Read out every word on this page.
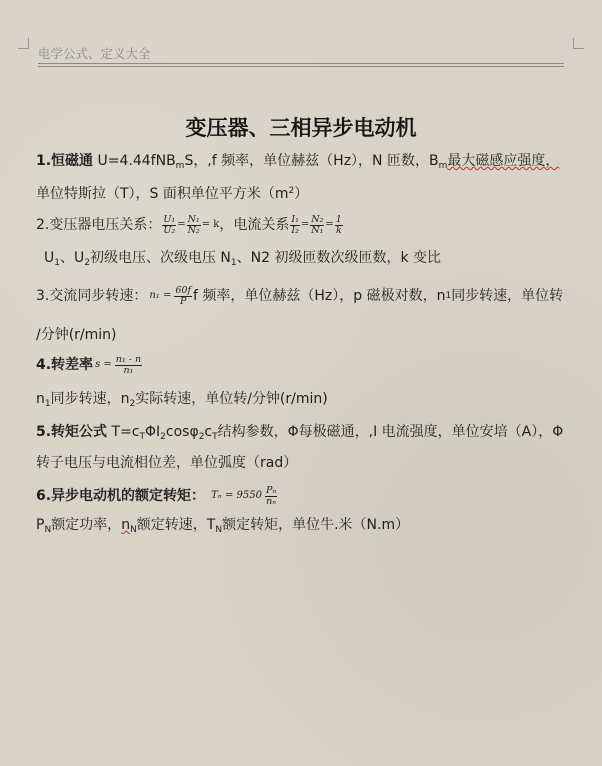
电学公式、定义大全
变压器、三相异步电动机
1.恒磁通 U=4.44fNB$_m$S，,f 频率，单位赫兹（Hz），N 匝数，$B_m$最大磁感应强度，
单位特斯拉（T），S 面积单位平方米$(m^2)$
2.变压器电压关系： $\frac{\text{U₁}}{\text{U₂}} = \frac{\text{N₁}}{\text{N₂}} = k$ ，电流关系 $\frac{\text{I₁}}{\text{I₂}} = \frac{\text{N₂}}{\text{N₁}} = \frac{1}{k}$
$U_1$、$U_2$初级电压、次级电压 $N_1$、N2 初级匝数次级匝数，k 变比
3.交流同步转速： $n_1 = \frac{60f}{P}$ f 频率，单位赫兹（Hz），p 磁极对数，n 1 同步转速，单位转
/分钟(r/min)
4.转差率 $s = \frac{\text{n₁ - n}}{\text{n₁}}$
$n_1$同步转速，$n_2$实际转速，单位转/分钟(r/min)
5.转矩公式 $T=c_T\Phi I_2\cos\varphi_2c_T$结构参数，Φ每极磁通，,I 电流强度，单位安培（A），Φ
转子电压与电流相位差，单位弧度（rad）
6.异步电动机的额定转矩： $T_n = 9550 \frac{\text{Pₙ}}{\text{nₙ}}$
$P_N$额定功率，$n_N$额定转速，$T_N$额定转矩，单位牛.米（N.m）
